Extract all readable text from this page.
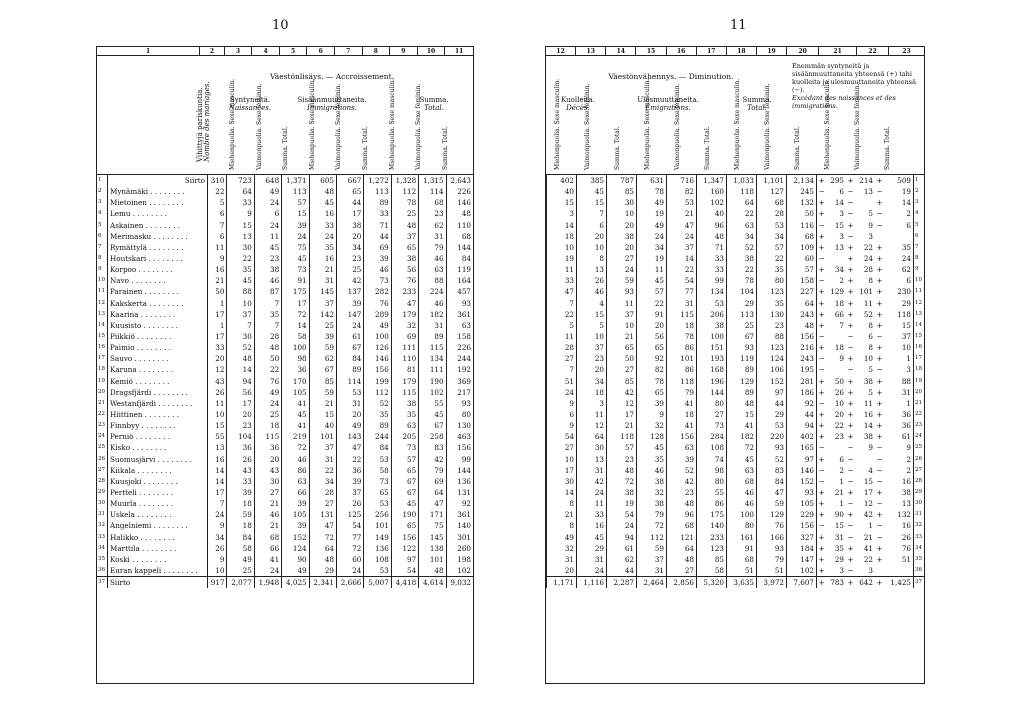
10	11
1	2	3	4	5	6	7	8	9	10	11
Vihittyjä pariskuntia.
Nombre des mariages.
Väestönlisäys. — Accroissement.
Syntyneitä.
Naissances.
Sisäänmuuttaneita.
Immigrations.
Summa.
Total.
Miehenpuolia. Sexe masculin.	Vaimonpuolia. Sexe féminin.	Summa. Total.	Miehenpuolia. Sexe masculin.	Vaimonpuolia. Sexe féminin.	Summa. Total.	Miehenpuolia. Sexe masculin.	Vaimonpuolia. Sexe féminin.	Summa. Total.
1	Siirto	310	723	648	1,371	605	667	1,272	1,328	1,315	2,643
2	Mynämäki . . . . . . . .	22	64	49	113	48	65	113	112	114	226
3	Mietoinen . . . . . . . .	5	33	24	57	45	44	89	78	68	146
4	Lemu . . . . . . . .	6	9	6	15	16	17	33	25	23	48
5	Askainen . . . . . . . .	7	15	24	39	33	38	71	48	62	110
6	Merimasku . . . . . . . .	6	13	11	24	24	20	44	37	31	68
7	Rymättylä . . . . . . . .	11	30	45	75	35	34	69	65	79	144
8	Houtskari . . . . . . . .	9	22	23	45	16	23	39	38	46	84
9	Korpoo . . . . . . . .	16	35	38	73	21	25	46	56	63	119
10	Navo . . . . . . . .	21	45	46	91	31	42	73	76	88	164
11	Parainen . . . . . . . .	50	88	87	175	145	137	282	233	224	457
12	Kakskerta . . . . . . . .	1	10	7	17	37	39	76	47	46	93
13	Kaarina . . . . . . . .	17	37	35	72	142	147	289	179	182	361
14	Kuusisto . . . . . . . .	1	7	7	14	25	24	49	32	31	63
15	Piikkiö . . . . . . . .	17	30	28	58	39	61	100	69	89	158
16	Paimio . . . . . . . .	33	52	48	100	59	67	126	111	115	226
17	Sauvo . . . . . . . .	20	48	50	98	62	84	146	110	134	244
18	Karuna . . . . . . . .	12	14	22	36	67	89	156	81	111	192
19	Kemiö . . . . . . . .	43	94	76	170	85	114	199	179	190	369
20	Dragsfjärdi . . . . . . . .	26	56	49	105	59	53	112	115	102	217
21	Westanfjärdi . . . . . . . .	11	17	24	41	21	31	52	38	55	93
22	Hiittinen . . . . . . . .	10	20	25	45	15	20	35	35	45	80
23	Finnbyy . . . . . . . .	15	23	18	41	40	49	89	63	67	130
24	Perniö . . . . . . . .	55	104	115	219	101	143	244	205	258	463
25	Kisko . . . . . . . .	13	36	36	72	37	47	84	73	83	156
26	Suomusjärvi . . . . . . . .	16	26	20	46	31	22	53	57	42	99
27	Kiikala . . . . . . . .	14	43	43	86	22	36	58	65	79	144
28	Kuusjoki . . . . . . . .	14	33	30	63	34	39	73	67	69	136
29	Pertteli . . . . . . . .	17	39	27	66	28	37	65	67	64	131
30	Muurla . . . . . . . .	7	18	21	39	27	26	53	45	47	92
31	Uskela . . . . . . . .	24	59	46	105	131	125	256	190	171	361
32	Angelniemi . . . . . . . .	9	18	21	39	47	54	101	65	75	140
33	Halikko . . . . . . . .	34	84	68	152	72	77	149	156	145	301
34	Marttila . . . . . . . .	26	58	66	124	64	72	136	122	138	260
35	Koski . . . . . . . .	9	49	41	90	48	60	108	97	101	198
36	Euran kappeli . . . . . . . .	10	25	24	49	29	24	53	54	48	102
37	Siirto	917	2,077	1,948	4,025	2,341	2,666	5,007	4,418	4,614	9,032
12	13	14	15	16	17	18	19	20	21	22	23
Väestönvähennys. — Diminution.
Kuolleita.
Décès.
Ulosmuuttaneita.
Émigrations.
Summa.
Total.
Enemmän syntyneitä ja sisäänmuuttaneita yhteensä (+) tahi kuolleita ja ulosmuuttaneita yhteensä (−).
Excédant des naissances et des immigrations.
Miehenpuolia. Sexe masculin.	Vaimonpuolia. Sexe féminin.	Summa. Total.	Miehenpuolia. Sexe masculin.	Vaimonpuolia. Sexe féminin.	Summa. Total.	Miehenpuolia. Sexe masculin.	Vaimonpuolia. Sexe féminin.	Summa. Total.	Miehenpuolia. Sexe masculin.	Vaimonpuolia. Sexe féminin.	Summa. Total.
402	385	787	631	716	1,347	1,033	1,101	2,134	+	295	+	214	+	509	1
40	45	85	78	82	160	118	127	245	−	6	−	13	−	19	2
15	15	30	49	53	102	64	68	132	+	14	−		+	14	3
3	7	10	19	21	40	22	28	50	+	3	−	5	−	2	4
14	6	20	49	47	96	63	53	116	−	15	+	9	−	6	5
18	20	38	24	24	48	34	34	68	+	3	−	3			6
10	10	20	34	37	71	52	57	109	+	13	+	22	+	35	7
19	8	27	19	14	33	38	22	60	−		+	24	+	24	8
11	13	24	11	22	33	22	35	57	+	34	+	28	+	62	9
33	26	59	45	54	99	78	80	158	−	2	+	8	+	6	10
47	46	93	57	77	134	104	123	227	+	129	+	101	+	230	11
7	4	11	22	31	53	29	35	64	+	18	+	11	+	29	12
22	15	37	91	115	206	113	130	243	+	66	+	52	+	118	13
5	5	10	20	18	38	25	23	48	+	7	+	8	+	15	14
11	10	21	56	78	100	67	88	156	−		−	6	−	37	15
28	37	65	65	86	151	93	123	216	+	18	−	8	+	10	16
27	23	50	92	101	193	119	124	243	−	9	+	10	+	1	17
7	20	27	82	86	168	89	106	195	−		−	5	−	3	18
51	34	85	78	118	196	129	152	281	+	50	+	38	+	88	19
24	18	42	65	79	144	89	97	186	+	26	+	5	+	31	20
9	3	12	39	41	80	48	44	92	−	10	+	11	+	1	21
6	11	17	9	18	27	15	29	44	+	20	+	16	+	36	22
9	12	21	32	41	73	41	53	94	+	22	+	14	+	36	23
54	64	118	128	156	284	182	220	402	+	23	+	38	+	61	24
27	30	57	45	63	108	72	93	165	−		−	9	−	9	25
10	13	23	35	39	74	45	52	97	+	6	−		−	2	26
17	31	48	46	52	98	63	83	146	−	2	−	4	−	2	27
30	42	72	38	42	80	68	84	152	−	1	−	15	−	16	28
14	24	38	32	23	55	46	47	93	+	21	+	17	+	38	29
8	11	19	38	48	86	46	59	105	+	1	−	12	−	13	30
21	33	54	79	96	175	100	129	229	+	90	+	42	+	132	31
8	16	24	72	68	140	80	76	156	−	15	−	1	−	16	32
49	45	94	112	121	233	161	166	327	+	31	−	21	−	26	33
32	29	61	59	64	123	91	93	184	+	35	+	41	+	76	34
31	31	62	37	48	85	68	79	147	+	29	+	22	+	51	35
20	24	44	31	27	58	51	51	102	+	3	−	3			36
1,171	1,116	2,287	2,464	2,856	5,320	3,635	3,972	7,607	+	783	+	642	+	1,425	37
